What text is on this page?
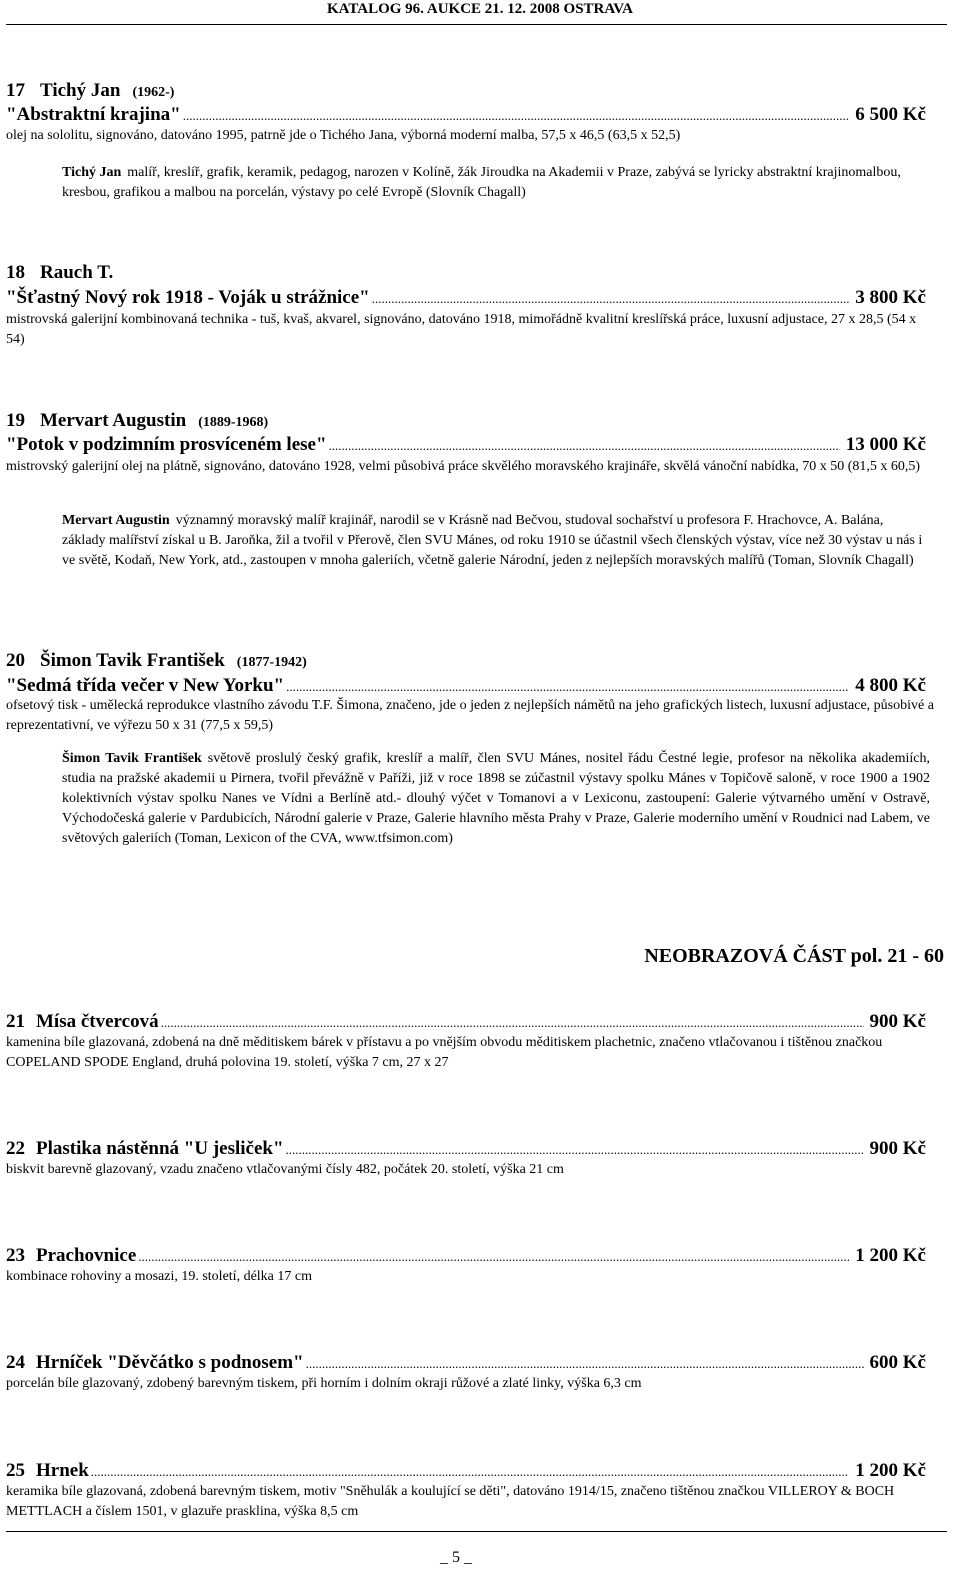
KATALOG 96. AUKCE 21. 12. 2008 OSTRAVA
17 Tichý Jan (1962-)
"Abstraktní krajina" .....	6 500 Kč
olej na sololitu, signováno, datováno 1995, patrně jde o Tichého Jana, výborná moderní malba, 57,5 x 46,5 (63,5 x 52,5)
Tichý Jan malíř, kreslíř, grafik, keramik, pedagog, narozen v Kolíně, žák Jiroudka na Akademii v Praze, zabývá se lyricky abstraktní krajinomalbou, kresbou, grafikou a malbou na porcelán, výstavy po celé Evropě (Slovník Chagall)
18 Rauch T.
"Šťastný Nový rok 1918 - Voják u strážnice" .....	3 800 Kč
mistrovská galerijní kombinovaná technika - tuš, kvaš, akvarel, signováno, datováno 1918, mimořádně kvalitní kreslířská práce, luxusní adjustace, 27 x 28,5 (54 x 54)
19 Mervart Augustin (1889-1968)
"Potok v podzimním prosvíceném lese" .....	13 000 Kč
mistrovský galerijní olej na plátně, signováno, datováno 1928, velmi působivá práce skvělého moravského krajináře, skvělá vánoční nabídka, 70 x 50 (81,5 x 60,5)
Mervart Augustin významný moravský malíř krajinář, narodil se v Krásně nad Bečvou, studoval sochařství u profesora F. Hrachovce, A. Balána, základy malířství získal u B. Jaroňka, žil a tvořil v Přerově, člen SVU Mánes, od roku 1910 se účastnil všech členských výstav, více než 30 výstav u nás i ve světě, Kodaň, New York, atd., zastoupen v mnoha galeriích, včetně galerie Národní, jeden z nejlepších moravských malířů (Toman, Slovník Chagall)
20 Šimon Tavik František (1877-1942)
"Sedmá třída večer v New Yorku" .....	4 800 Kč
ofsetový tisk - umělecká reprodukce vlastního závodu T.F. Šimona, značeno, jde o jeden z nejlepších námětů na jeho grafických listech, luxusní adjustace, působivé a reprezentativní, ve výřezu 50 x 31 (77,5 x 59,5)
Šimon Tavik František světově proslulý český grafik, kreslíř a malíř, člen SVU Mánes, nositel řádu Čestné legie, profesor na několika akademiích, studia na pražské akademii u Pirnera, tvořil převážně v Paříži, již v roce 1898 se zúčastnil výstavy spolku Mánes v Topičově saloně, v roce 1900 a 1902 kolektivních výstav spolku Nanes ve Vídni a Berlíně atd.- dlouhý výčet v Tomanovi a v Lexiconu, zastoupení: Galerie výtvarného umění v Ostravě, Východočeská galerie v Pardubicích, Národní galerie v Praze, Galerie hlavního města Prahy v Praze, Galerie moderního umění v Roudnici nad Labem, ve světových galeriích (Toman, Lexicon of the CVA, www.tfsimon.com)
NEOBRAZOVÁ ČÁST pol. 21 - 60
21 Mísa čtvercová .....	900 Kč
kamenina bíle glazovaná, zdobená na dně měditiskem bárek v přístavu a po vnějším obvodu měditiskem plachetnic, značeno vtlačovanou i tištěnou značkou COPELAND SPODE England, druhá polovina 19. století, výška 7 cm, 27 x 27
22 Plastika nástěnná "U jesliček" .....	900 Kč
biskvit barevně glazovaný, vzadu značeno vtlačovanými čísly 482, počátek 20. století, výška 21 cm
23 Prachovnice .....	1 200 Kč
kombinace rohoviny a mosazi, 19. století, délka 17 cm
24 Hrníček "Děvčátko s podnosem" .....	600 Kč
porcelán bíle glazovaný, zdobený barevným tiskem, při horním i dolním okraji růžové a zlaté linky, výška 6,3 cm
25 Hrnek .....	1 200 Kč
keramika bíle glazovaná, zdobená barevným tiskem, motiv "Sněhulák a koulující se děti", datováno 1914/15, značeno tištěnou značkou VILLEROY & BOCH METTLACH a číslem 1501, v glazuře prasklina, výška 8,5 cm
_ 5 _
